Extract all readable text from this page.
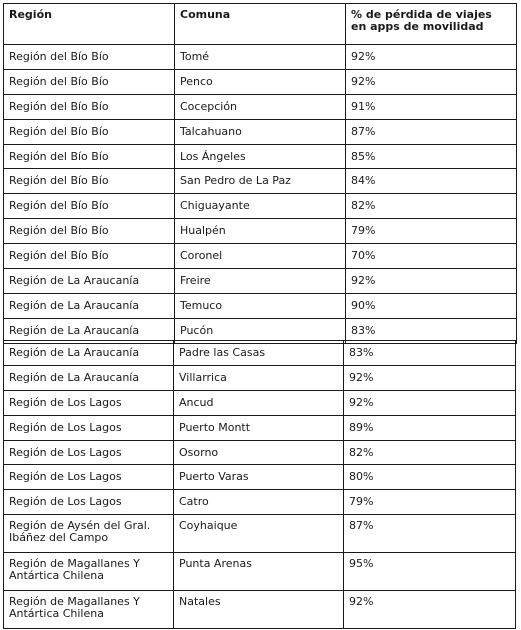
Región	Comuna	% de pérdida de viajes en apps de movilidad
Región del Bío Bío	Tomé	92%
Región del Bío Bío	Penco	92%
Región del Bío Bío	Cocepción	91%
Región del Bío Bío	Talcahuano	87%
Región del Bío Bío	Los Ángeles	85%
Región del Bío Bío	San Pedro de La Paz	84%
Región del Bío Bío	Chiguayante	82%
Región del Bío Bío	Hualpén	79%
Región del Bío Bío	Coronel	70%
Región de La Araucanía	Freire	92%
Región de La Araucanía	Temuco	90%
Región de La Araucanía	Pucón	83%
Región de La Araucanía	Padre las Casas	83%
Región de La Araucanía	Villarrica	92%
Región de Los Lagos	Ancud	92%
Región de Los Lagos	Puerto Montt	89%
Región de Los Lagos	Osorno	82%
Región de Los Lagos	Puerto Varas	80%
Región de Los Lagos	Catro	79%
Región de Aysén del Gral. Ibáñez del Campo	Coyhaique	87%
Región de Magallanes Y Antártica Chilena	Punta Arenas	95%
Región de Magallanes Y Antártica Chilena	Natales	92%
